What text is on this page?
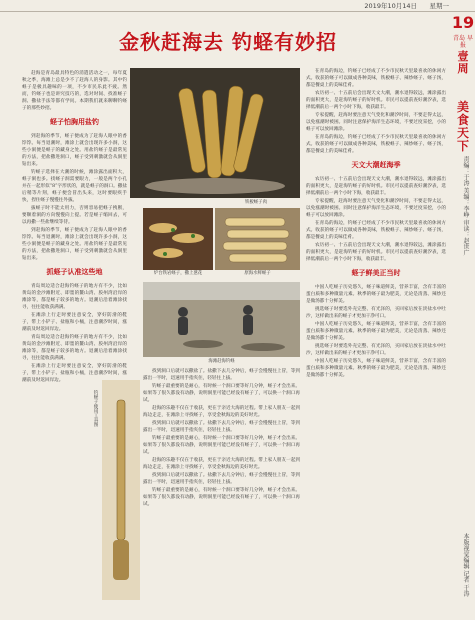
2019年10月14日 星期一
金秋赶海去 钓蛏有妙招
19
青岛 早报
壹周
美食天下
责编：于涛 美编：李峥 审读：赵世广
本版视觉编辑 记者 于涛

赶海是青岛最具特色的消遣活动之一，每年夏秋之季，海滩上总是少不了赶海人的身影。其中钓蛏子是极具趣味的一项，不少市民乐此不疲。然而，钓蛏子也是讲究技巧的，选对时间、找准蛏子洞、撒盐手法等都有学问。本期我们就来聊聊钓蛏子的那些妙招。

蛏子怕胸用盐钓

到赶海的季节，蛏子便成为了赶海人眼中的香饽饽。每当退潮时，滩涂上就会出现许多小洞，这些小洞便是蛏子的藏身之处。用盐钓蛏子是最常见的方法，把盐撒进洞口，蛏子受到刺激就会从洞里钻出来。

钓蛏子选择在大潮的时候，滩涂露出面积大，蛏子洞也多。找蛏子洞需要眼力，一般是两个小孔并在一起形似“8”字形状的，就是蛏子的洞口。撒盐后稍等片刻，蛏子便会冒出头来，这时要眼疾手快，捏住蛏子慢慢往外拔。

拔蛏子时不能太用力，否则容易把蛏子拽断，要顺着洞的方向慢慢向上提。若是蛏子缩回去，可以再撒一些盐继续等待。

到赶海的季节，蛏子便成为了赶海人眼中的香饽饽。每当退潮时，滩涂上就会出现许多小洞，这些小洞便是蛏子的藏身之处。用盐钓蛏子是最常见的方法，把盐撒进洞口，蛏子受到刺激就会从洞里钻出来。

抓蛏子认准这些地

青岛周边适合赶海钓蛏子的地方有不少，比如黄岛的金沙滩附近、即墨的鳌山湾、胶州湾沿岸的滩涂等，都是蛏子较多的地方。退潮后沿着滩涂找寻，往往能收获满满。

在滩涂上行走时要注意安全，穿好防滑的鞋子，带上小铲子、盐瓶和小桶，注意潮汐时间，涨潮前及时返回岸边。

青岛周边适合赶海钓蛏子的地方有不少，比如黄岛的金沙滩附近、即墨的鳌山湾、胶州湾沿岸的滩涂等，都是蛏子较多的地方。退潮后沿着滩涂找寻，往往能收获满满。

在滩涂上行走时要注意安全，穿好防滑的鞋子，带上小铲子、盐瓶和小桶，注意潮汐时间，涨潮前及时返回岸边。

铁板蛏子肉
炉台铁岩蛏子，撒上葱花	原海水鲜蛏子
海滩赶海钓蛏
钓蛏子使用工具图

找到洞口后就可以撒盐了。盐撒下去几分钟后，蛏子会慢慢往上冒，等到露出一半时，迅速用手指夹住，轻轻往上拔。

钓蛏子最重要的是耐心，有时候一个洞口要等好几分钟，蛏子才会出来。如果等了很久都没有动静，说明洞里可能已经没有蛏子了，可以换一个洞口再试。

赶海的乐趣不仅在于收获，更在于亲近大海的过程。带上家人朋友一起到海边走走，在滩涂上寻找蛏子，享受金秋海边的美好时光。

找到洞口后就可以撒盐了。盐撒下去几分钟后，蛏子会慢慢往上冒，等到露出一半时，迅速用手指夹住，轻轻往上拔。

钓蛏子最重要的是耐心，有时候一个洞口要等好几分钟，蛏子才会出来。如果等了很久都没有动静，说明洞里可能已经没有蛏子了，可以换一个洞口再试。

赶海的乐趣不仅在于收获，更在于亲近大海的过程。带上家人朋友一起到海边走走，在滩涂上寻找蛏子，享受金秋海边的美好时光。

找到洞口后就可以撒盐了。盐撒下去几分钟后，蛏子会慢慢往上冒，等到露出一半时，迅速用手指夹住，轻轻往上拔。

钓蛏子最重要的是耐心，有时候一个洞口要等好几分钟，蛏子才会出来。如果等了很久都没有动静，说明洞里可能已经没有蛏子了，可以换一个洞口再试。

在青岛的海边，钓蛏子已经成了不少市民秋天里最喜欢的休闲方式。收获的蛏子可以做成各种美味，铁板蛏子、辣炒蛏子、蛏子汤，都是餐桌上的美味佳肴。

农历初一、十五前后会出现天文大潮，潮水退得较远，滩涂露出的面积更大，是赶海钓蛏子的好时机。市民可以提前查好潮汐表，选择低潮前后一两个小时下海，收获最丰。

专家提醒，赶海时要注意天气变化和潮汐时间，不要走得太远，以免涨潮时被困。同时注意保护海洋生态环境，不要过度采挖，小的蛏子可以放回滩涂。

在青岛的海边，钓蛏子已经成了不少市民秋天里最喜欢的休闲方式。收获的蛏子可以做成各种美味，铁板蛏子、辣炒蛏子、蛏子汤，都是餐桌上的美味佳肴。

天文大潮赶海季

农历初一、十五前后会出现天文大潮，潮水退得较远，滩涂露出的面积更大，是赶海钓蛏子的好时机。市民可以提前查好潮汐表，选择低潮前后一两个小时下海，收获最丰。

专家提醒，赶海时要注意天气变化和潮汐时间，不要走得太远，以免涨潮时被困。同时注意保护海洋生态环境，不要过度采挖，小的蛏子可以放回滩涂。

在青岛的海边，钓蛏子已经成了不少市民秋天里最喜欢的休闲方式。收获的蛏子可以做成各种美味，铁板蛏子、辣炒蛏子、蛏子汤，都是餐桌上的美味佳肴。

农历初一、十五前后会出现天文大潮，潮水退得较远，滩涂露出的面积更大，是赶海钓蛏子的好时机。市民可以提前查好潮汐表，选择低潮前后一两个小时下海，收获最丰。

蛏子鲜美正当时

中国人吃蛏子历史悠久，蛏子味道鲜美，营养丰富，含有丰富的蛋白质和多种微量元素。秋季的蛏子最为肥美，无论是清蒸、辣炒还是做汤都十分鲜美。

挑选蛏子时要选外壳完整、有光泽的，买回家后放在淡盐水中吐沙，这样做出来的蛏子才更加干净可口。

中国人吃蛏子历史悠久，蛏子味道鲜美，营养丰富，含有丰富的蛋白质和多种微量元素。秋季的蛏子最为肥美，无论是清蒸、辣炒还是做汤都十分鲜美。

挑选蛏子时要选外壳完整、有光泽的，买回家后放在淡盐水中吐沙，这样做出来的蛏子才更加干净可口。

中国人吃蛏子历史悠久，蛏子味道鲜美，营养丰富，含有丰富的蛋白质和多种微量元素。秋季的蛏子最为肥美，无论是清蒸、辣炒还是做汤都十分鲜美。
